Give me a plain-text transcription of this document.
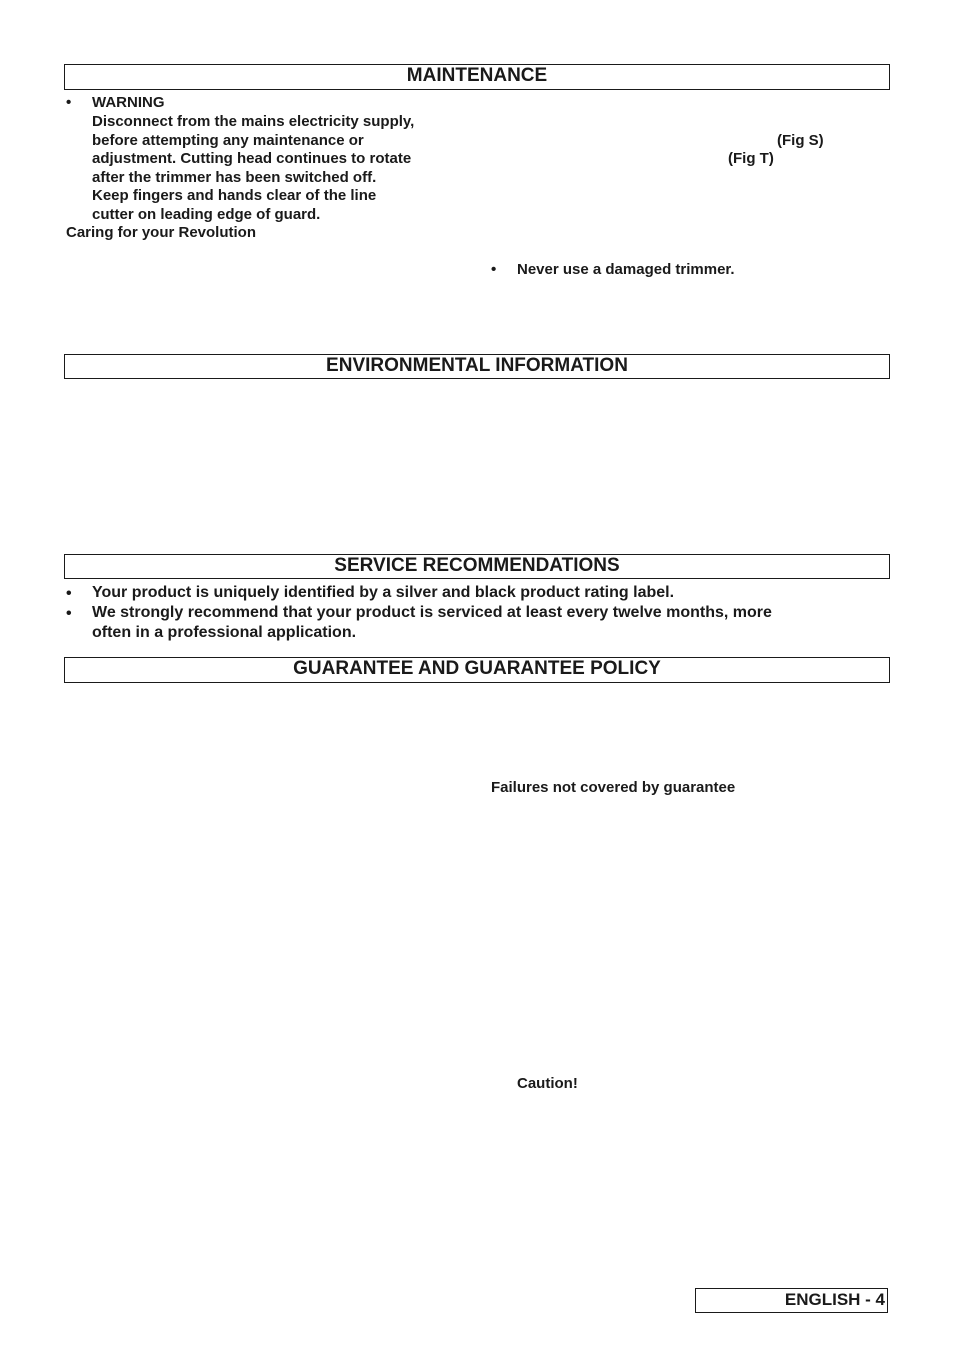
MAINTENANCE
• WARNING
Disconnect from the mains electricity supply,
before attempting any maintenance or
adjustment. Cutting head continues to rotate
after the trimmer has been switched off.
Keep fingers and hands clear of the line
cutter on leading edge of guard.
Caring for your Revolution
(Fig S)
(Fig T)
• Never use a damaged trimmer.
ENVIRONMENTAL INFORMATION
SERVICE RECOMMENDATIONS
• Your product is uniquely identified by a silver and black product rating label.
• We strongly recommend that your product is serviced at least every twelve months, more
often in a professional application.
GUARANTEE AND GUARANTEE POLICY
Failures not covered by guarantee
Caution!
ENGLISH - 4
